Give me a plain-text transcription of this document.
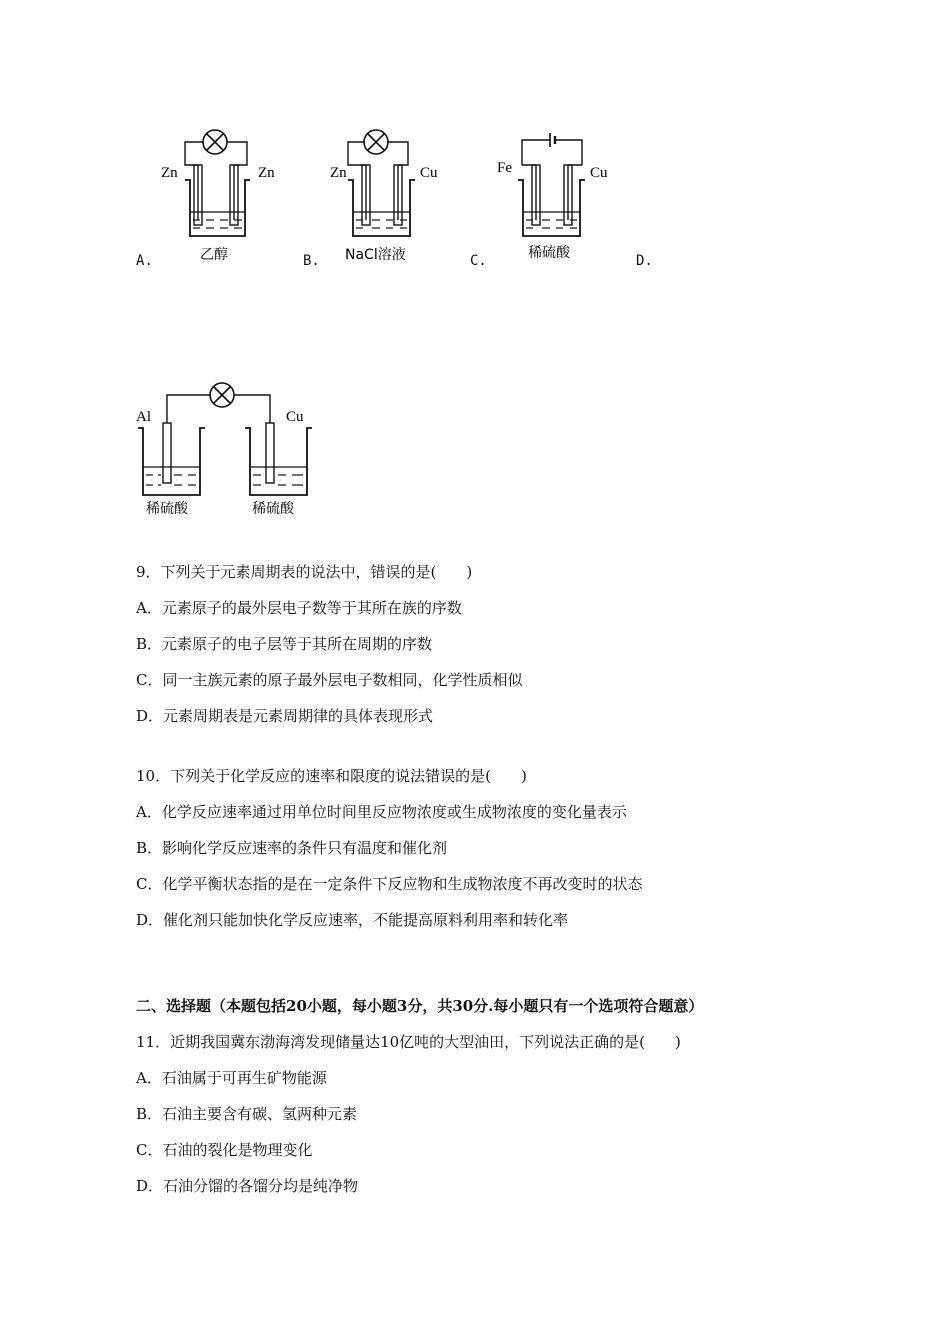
Zn	Zn
乙醇
A.
Zn	Cu
NaCl溶液
B.
Fe	Cu
稀硫酸
C.	D.
Al	Cu
稀硫酸	稀硫酸
9．下列关于元素周期表的说法中，错误的是(　　)
A．元素原子的最外层电子数等于其所在族的序数
B．元素原子的电子层等于其所在周期的序数
C．同一主族元素的原子最外层电子数相同，化学性质相似
D．元素周期表是元素周期律的具体表现形式
10．下列关于化学反应的速率和限度的说法错误的是(　　)
A．化学反应速率通过用单位时间里反应物浓度或生成物浓度的变化量表示
B．影响化学反应速率的条件只有温度和催化剂
C．化学平衡状态指的是在一定条件下反应物和生成物浓度不再改变时的状态
D．催化剂只能加快化学反应速率，不能提高原料利用率和转化率
二、选择题（本题包括20小题，每小题3分，共30分.每小题只有一个选项符合题意）
11．近期我国冀东渤海湾发现储量达10亿吨的大型油田，下列说法正确的是(　　)
A．石油属于可再生矿物能源
B．石油主要含有碳、氢两种元素
C．石油的裂化是物理变化
D．石油分馏的各馏分均是纯净物
